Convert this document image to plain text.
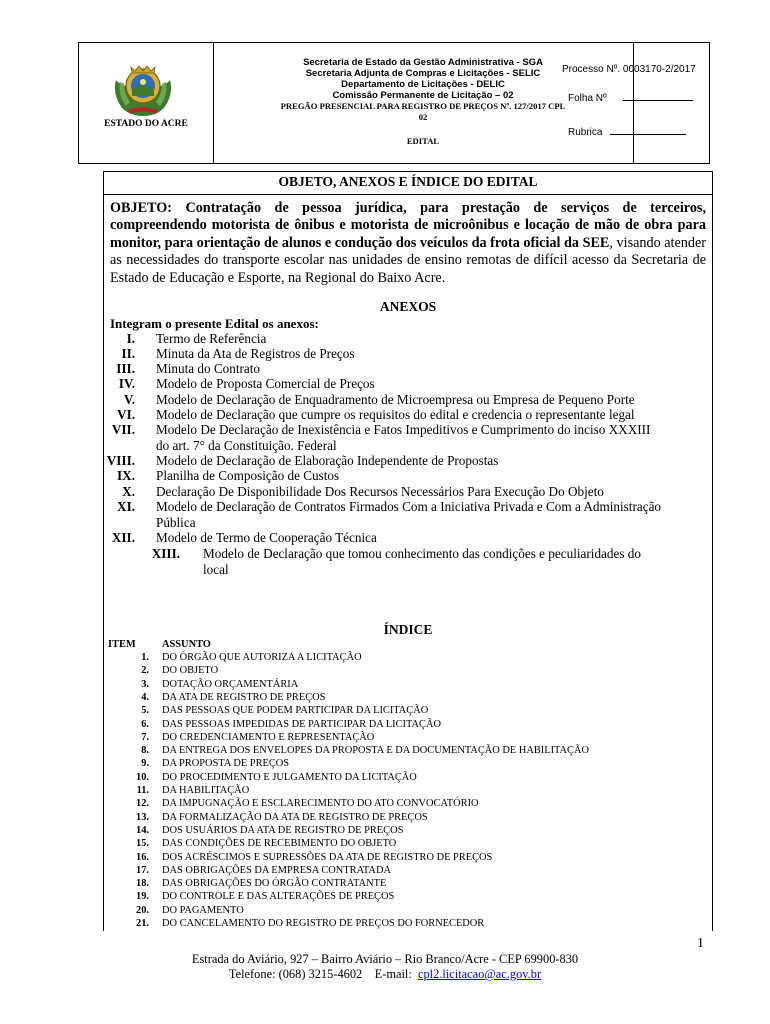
ESTADO DO ACRE
Secretaria de Estado da Gestão Administrativa - SGA
Secretaria Adjunta de Compras e Licitações - SELIC
Departamento de Licitações - DELIC
Comissão Permanente de Licitação – 02
PREGÃO PRESENCIAL PARA REGISTRO DE PREÇOS Nº. 127/2017 CPL
02
EDITAL
Processo Nº. 0003170-2/2017
Folha Nº
Rubrica
OBJETO, ANEXOS E ÍNDICE DO EDITAL
OBJETO: Contratação de pessoa jurídica, para prestação de serviços de terceiros, compreendendo motorista de ônibus e motorista de microônibus e locação de mão de obra para monitor, para orientação de alunos e condução dos veículos da frota oficial da SEE, visando atender as necessidades do transporte escolar nas unidades de ensino remotas de difícil acesso da Secretaria de Estado de Educação e Esporte, na Regional do Baixo Acre.
ANEXOS
Integram o presente Edital os anexos:
I. Termo de Referência
II. Minuta da Ata de Registros de Preços
III. Minuta do Contrato
IV. Modelo de Proposta Comercial de Preços
V. Modelo de Declaração de Enquadramento de Microempresa ou Empresa de Pequeno Porte
VI. Modelo de Declaração que cumpre os requisitos do edital e credencia o representante legal
VII. Modelo De Declaração de Inexistência e Fatos Impeditivos e Cumprimento do inciso XXXIII
do art. 7° da Constituição. Federal
VIII. Modelo de Declaração de Elaboração Independente de Propostas
IX. Planilha de Composição de Custos
X. Declaração De Disponibilidade Dos Recursos Necessários Para Execução Do Objeto
XI. Modelo de Declaração de Contratos Firmados Com a Iniciativa Privada e Com a Administração
Pública
XII. Modelo de Termo de Cooperação Técnica
XIII. Modelo de Declaração que tomou conhecimento das condições e peculiaridades do
local
ÍNDICE
ITEM	ASSUNTO
1. DO ÓRGÃO QUE AUTORIZA A LICITAÇÃO
2. DO OBJETO
3. DOTAÇÃO ORÇAMENTÁRIA
4. DA ATA DE REGISTRO DE PREÇOS
5. DAS PESSOAS QUE PODEM PARTICIPAR DA LICITAÇÃO
6. DAS PESSOAS IMPEDIDAS DE PARTICIPAR DA LICITAÇÃO
7. DO CREDENCIAMENTO E REPRESENTAÇÃO
8. DA ENTREGA DOS ENVELOPES DA PROPOSTA E DA DOCUMENTAÇÃO DE HABILITAÇÃO
9. DA PROPOSTA DE PREÇOS
10. DO PROCEDIMENTO E JULGAMENTO DA LICITAÇÃO
11. DA HABILITAÇÃO
12. DA IMPUGNAÇÃO E ESCLARECIMENTO DO ATO CONVOCATÓRIO
13. DA FORMALIZAÇÃO DA ATA DE REGISTRO DE PREÇOS
14. DOS USUÁRIOS DA ATA DE REGISTRO DE PREÇOS
15. DAS CONDIÇÕES DE RECEBIMENTO DO OBJETO
16. DOS ACRÉSCIMOS E SUPRESSÕES DA ATA DE REGISTRO DE PREÇOS
17. DAS OBRIGAÇÕES DA EMPRESA CONTRATADA
18. DAS OBRIGAÇÕES DO ÓRGÃO CONTRATANTE
19. DO CONTROLE E DAS ALTERAÇÕES DE PREÇOS
20. DO PAGAMENTO
21. DO CANCELAMENTO DO REGISTRO DE PREÇOS DO FORNECEDOR
1
Estrada do Aviário, 927 – Bairro Aviário – Rio Branco/Acre - CEP 69900-830
Telefone: (068) 3215-4602    E-mail:  cpl2.licitacao@ac.gov.br
